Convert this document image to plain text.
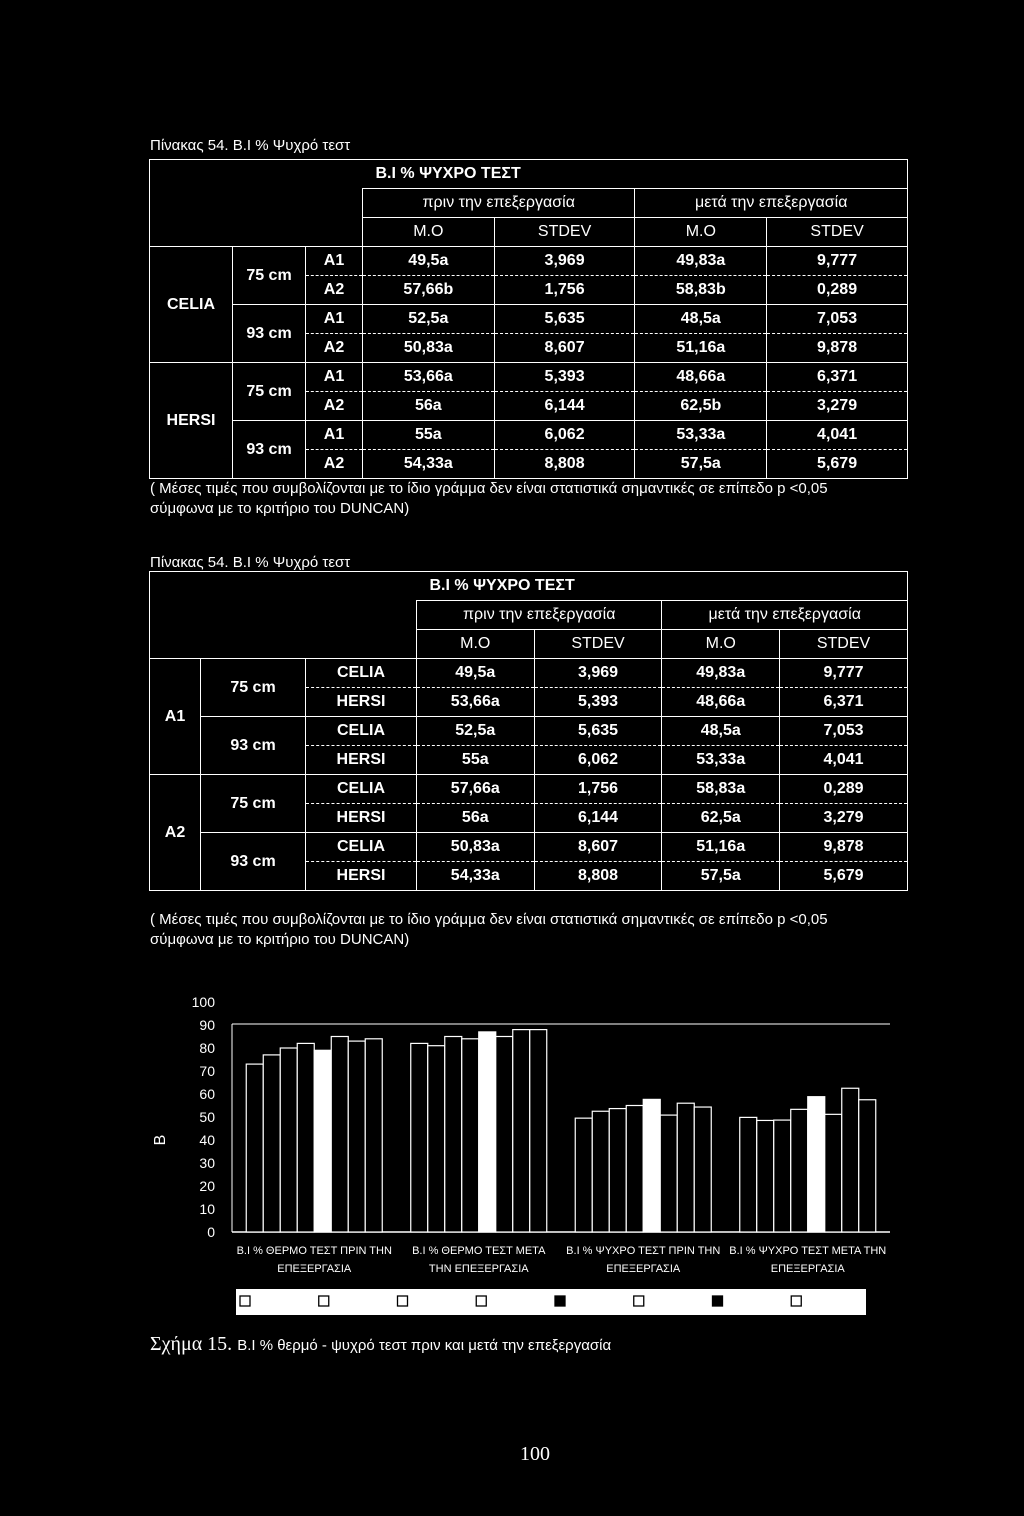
Πίνακας 54. Β.Ι % Ψυχρό τεστ
			Β.Ι % ΨΥΧΡΟ ΤΕΣΤ			
			πριν την επεξεργασία		μετά την επεξεργασία	
			Μ.Ο	STDEV	Μ.Ο	STDEV
CELIA	75 cm	A1	49,5a	3,969	49,83a	9,777
		A2	57,66b	1,756	58,83b	0,289
	93 cm	A1	52,5a	5,635	48,5a	7,053
		A2	50,83a	8,607	51,16a	9,878
HERSI	75 cm	A1	53,66a	5,393	48,66a	6,371
		A2	56a	6,144	62,5b	3,279
	93 cm	A1	55a	6,062	53,33a	4,041
		A2	54,33a	8,808	57,5a	5,679
( Μέσες τιμές που συμβολίζονται με το ίδιο γράμμα δεν είναι στατιστικά σημαντικές σε επίπεδο p <0,05
σύμφωνα με το κριτήριο του DUNCAN)
Πίνακας 54. Β.Ι % Ψυχρό τεστ
			Β.Ι % ΨΥΧΡΟ ΤΕΣΤ			
			πριν την επεξεργασία		μετά την επεξεργασία	
			Μ.Ο	STDEV	Μ.Ο	STDEV
A1	75 cm	CELIA	49,5a	3,969	49,83a	9,777
		HERSI	53,66a	5,393	48,66a	6,371
	93 cm	CELIA	52,5a	5,635	48,5a	7,053
		HERSI	55a	6,062	53,33a	4,041
A2	75 cm	CELIA	57,66a	1,756	58,83a	0,289
		HERSI	56a	6,144	62,5a	3,279
	93 cm	CELIA	50,83a	8,607	51,16a	9,878
		HERSI	54,33a	8,808	57,5a	5,679
( Μέσες τιμές που συμβολίζονται με το ίδιο γράμμα δεν είναι στατιστικά σημαντικές σε επίπεδο p <0,05
σύμφωνα με το κριτήριο του DUNCAN)
100
90
80
70
60
50
40
30
20
10
0
B
Β.Ι % ΘΕΡΜΟ ΤΕΣΤ ΠΡΙΝ ΤΗΝ
ΕΠΕΞΕΡΓΑΣΙΑ
Β.Ι % ΘΕΡΜΟ ΤΕΣΤ ΜΕΤΑ
ΤΗΝ ΕΠΕΞΕΡΓΑΣΙΑ
Β.Ι % ΨΥΧΡΟ ΤΕΣΤ ΠΡΙΝ ΤΗΝ
ΕΠΕΞΕΡΓΑΣΙΑ
Β.Ι % ΨΥΧΡΟ ΤΕΣΤ ΜΕΤΑ ΤΗΝ
ΕΠΕΞΕΡΓΑΣΙΑ
A1-C-75	A1-C-93	A1-H-75	A1-H-93	A2-C-75	A2-C-93	A2-H-75	A2-H-93
Σχήμα 15. Β.Ι % θερμό - ψυχρό τεστ πριν και μετά την επεξεργασία
100
